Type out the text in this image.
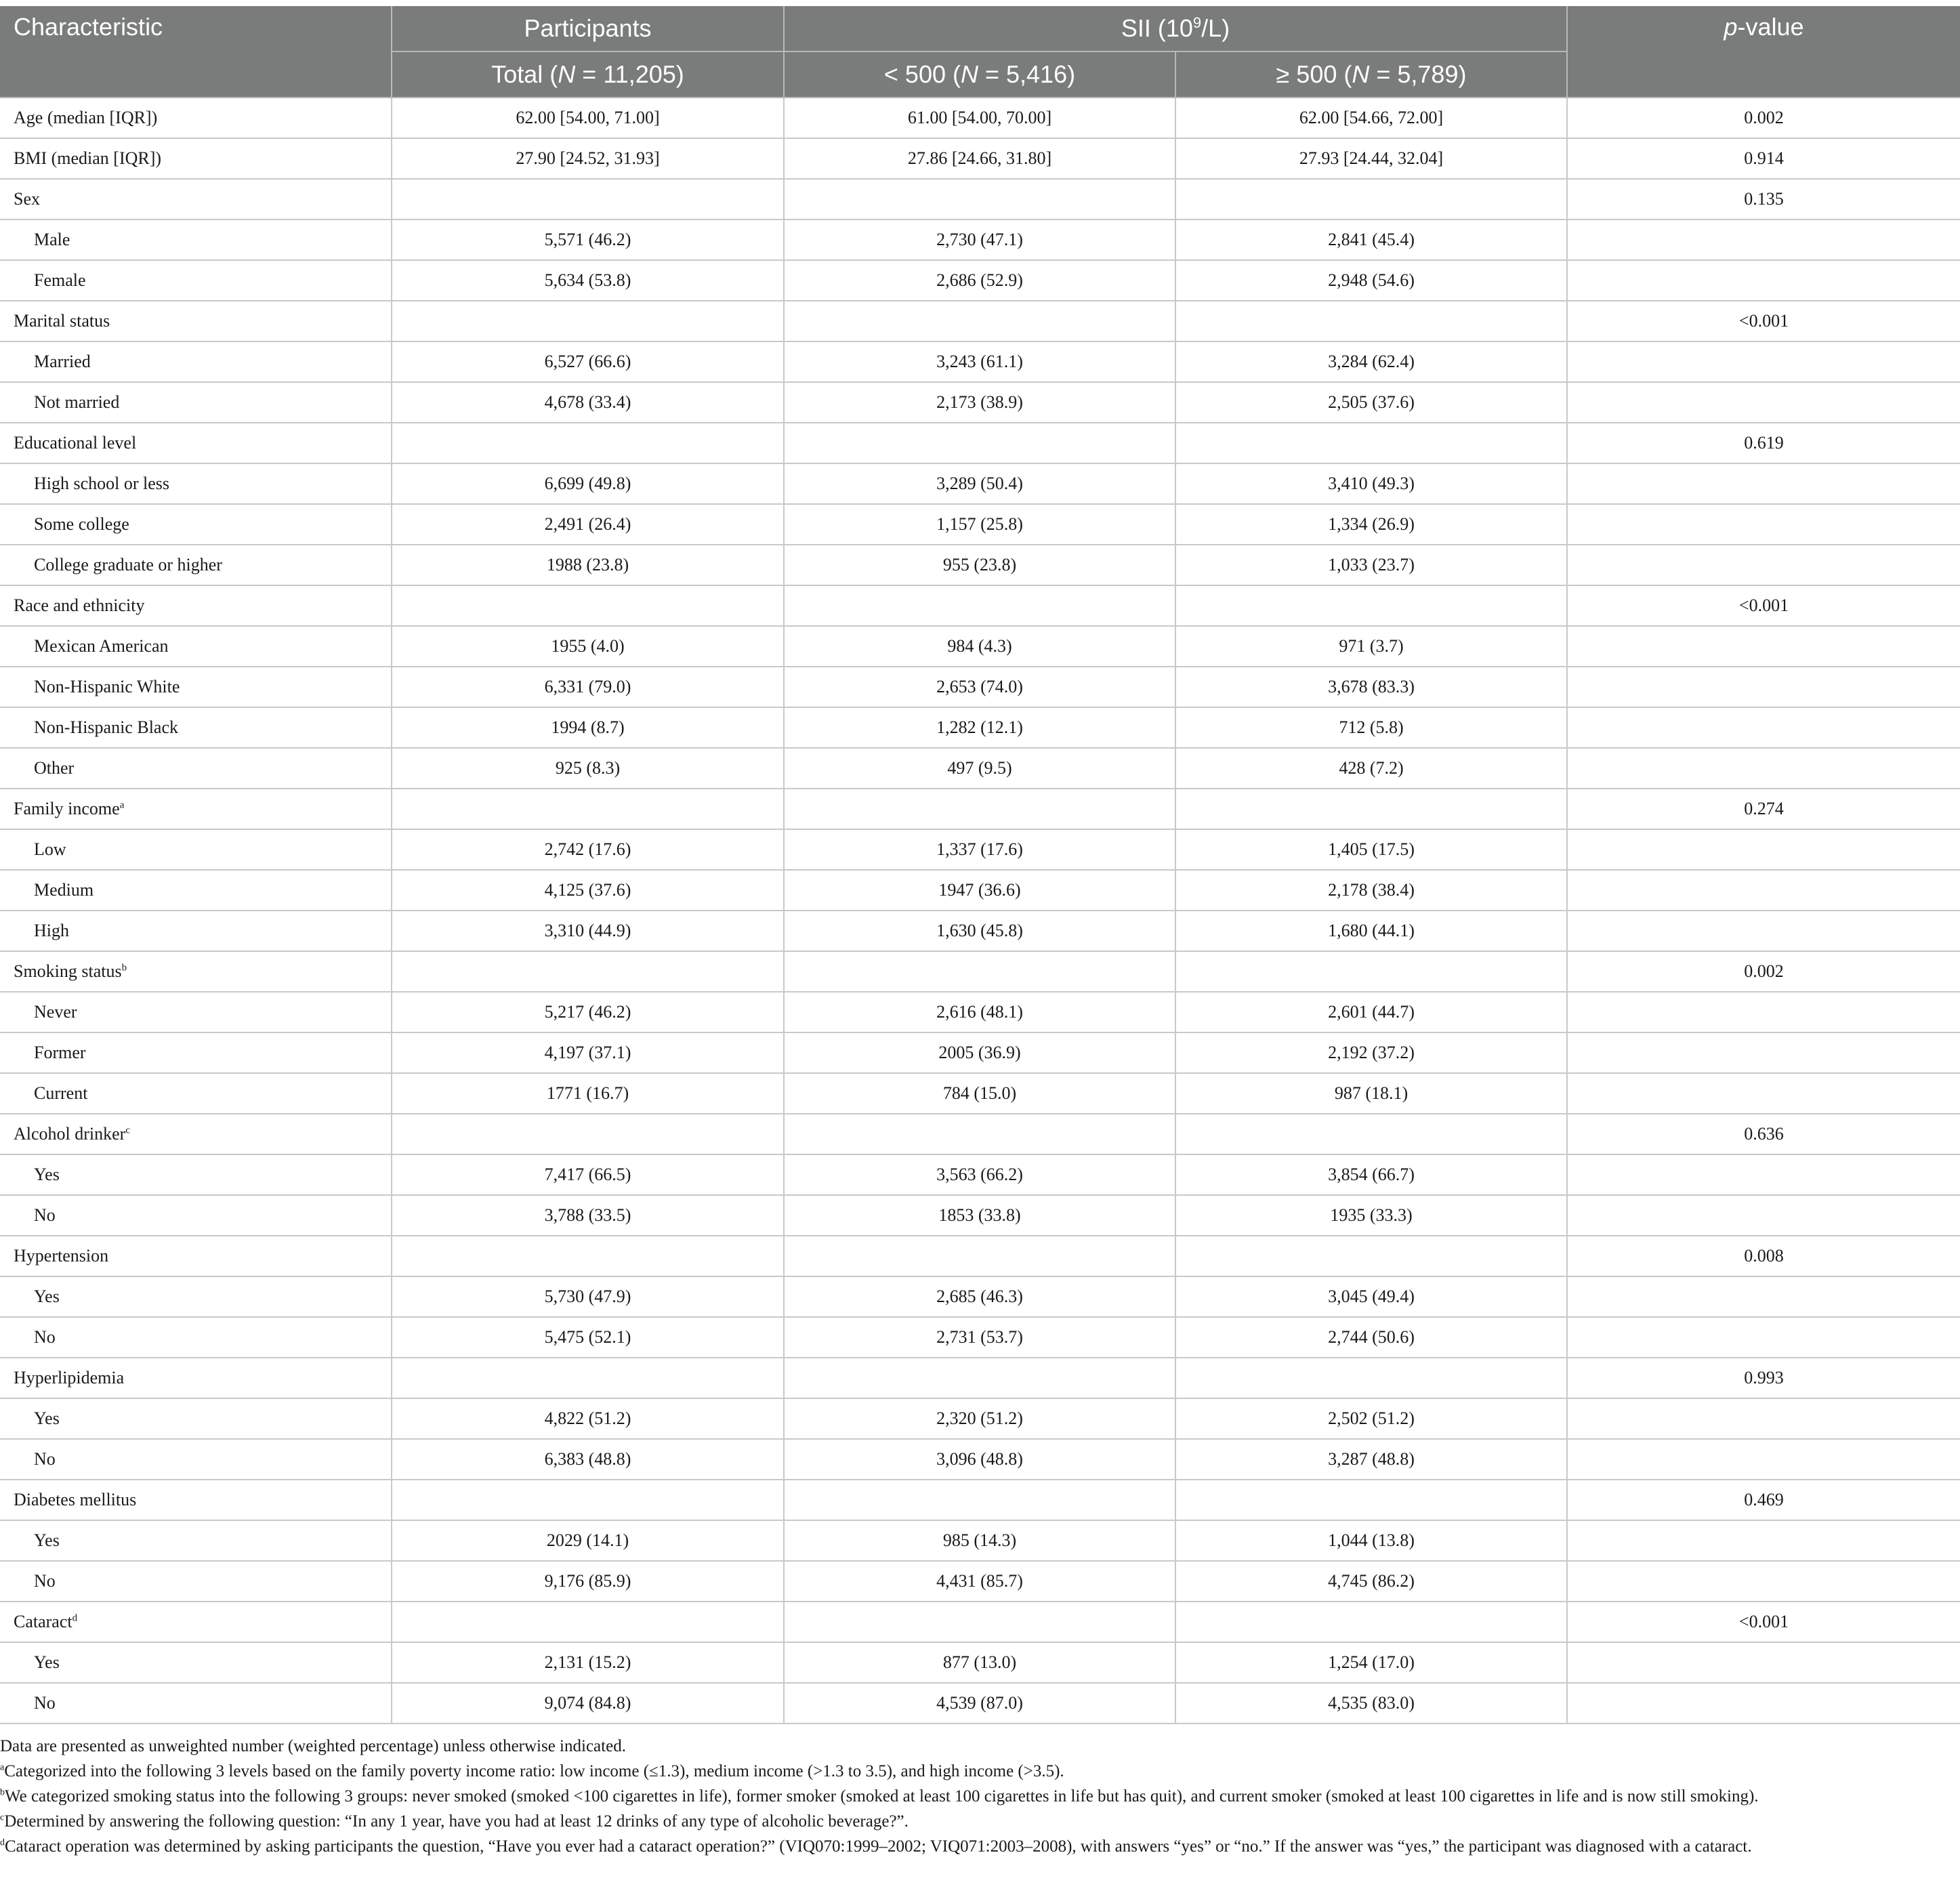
Characteristic	Participants	SII $(10^9/L)$		p-value
	Total (N = 11,205)	< 500 (N = 5,416)	≥ 500 (N = 5,789)	
Age (median [IQR])	62.00 [54.00, 71.00]	61.00 [54.00, 70.00]	62.00 [54.66, 72.00]	0.002
BMI (median [IQR])	27.90 [24.52, 31.93]	27.86 [24.66, 31.80]	27.93 [24.44, 32.04]	0.914
Sex				0.135
Male	5,571 (46.2)	2,730 (47.1)	2,841 (45.4)	
Female	5,634 (53.8)	2,686 (52.9)	2,948 (54.6)	
Marital status				<0.001
Married	6,527 (66.6)	3,243 (61.1)	3,284 (62.4)	
Not married	4,678 (33.4)	2,173 (38.9)	2,505 (37.6)	
Educational level				0.619
High school or less	6,699 (49.8)	3,289 (50.4)	3,410 (49.3)	
Some college	2,491 (26.4)	1,157 (25.8)	1,334 (26.9)	
College graduate or higher	1988 (23.8)	955 (23.8)	1,033 (23.7)	
Race and ethnicity				<0.001
Mexican American	1955 (4.0)	984 (4.3)	971 (3.7)	
Non-Hispanic White	6,331 (79.0)	2,653 (74.0)	3,678 (83.3)	
Non-Hispanic Black	1994 (8.7)	1,282 (12.1)	712 (5.8)	
Other	925 (8.3)	497 (9.5)	428 (7.2)	
Family income$^a$				0.274
Low	2,742 (17.6)	1,337 (17.6)	1,405 (17.5)	
Medium	4,125 (37.6)	1947 (36.6)	2,178 (38.4)	
High	3,310 (44.9)	1,630 (45.8)	1,680 (44.1)	
Smoking status$^b$				0.002
Never	5,217 (46.2)	2,616 (48.1)	2,601 (44.7)	
Former	4,197 (37.1)	2005 (36.9)	2,192 (37.2)	
Current	1771 (16.7)	784 (15.0)	987 (18.1)	
Alcohol drinker$^c$				0.636
Yes	7,417 (66.5)	3,563 (66.2)	3,854 (66.7)	
No	3,788 (33.5)	1853 (33.8)	1935 (33.3)	
Hypertension				0.008
Yes	5,730 (47.9)	2,685 (46.3)	3,045 (49.4)	
No	5,475 (52.1)	2,731 (53.7)	2,744 (50.6)	
Hyperlipidemia				0.993
Yes	4,822 (51.2)	2,320 (51.2)	2,502 (51.2)	
No	6,383 (48.8)	3,096 (48.8)	3,287 (48.8)	
Diabetes mellitus				0.469
Yes	2029 (14.1)	985 (14.3)	1,044 (13.8)	
No	9,176 (85.9)	4,431 (85.7)	4,745 (86.2)	
Cataract$^d$				<0.001
Yes	2,131 (15.2)	877 (13.0)	1,254 (17.0)	
No	9,074 (84.8)	4,539 (87.0)	4,535 (83.0)	

Data are presented as unweighted number (weighted percentage) unless otherwise indicated.

$^a$Categorized into the following 3 levels based on the family poverty income ratio: low income (≤1.3), medium income (>1.3 to 3.5), and high income (>3.5).

$^b$We categorized smoking status into the following 3 groups: never smoked (smoked <100 cigarettes in life), former smoker (smoked at least 100 cigarettes in life but has quit), and current smoker (smoked at least 100 cigarettes in life and is now still smoking).

$^c$Determined by answering the following question: “In any 1 year, have you had at least 12 drinks of any type of alcoholic beverage?”.

$^d$Cataract operation was determined by asking participants the question, “Have you ever had a cataract operation?” (VIQ070:1999–2002; VIQ071:2003–2008), with answers “yes” or “no.” If the answer was “yes,” the participant was diagnosed with a cataract.
